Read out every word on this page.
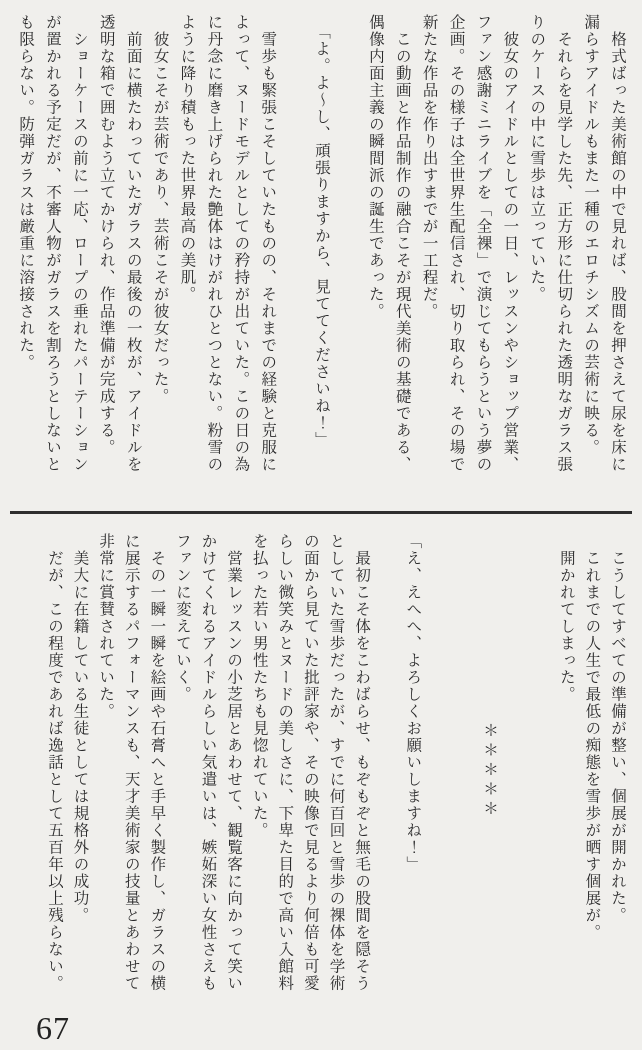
　格式ばった美術館の中で見れば、股間を押さえて尿を床に

漏らすアイドルもまた一種のエロチシズムの芸術に映る。

　それらを見学した先、正方形に仕切られた透明なガラス張

りのケースの中に雪歩は立っていた。

　彼女のアイドルとしての一日、レッスンやショップ営業、

ファン感謝ミニライブを「全裸」で演じてもらうという夢の

企画。その様子は全世界生配信され、切り取られ、その場で

新たな作品を作り出すまでが一工程だ。

　この動画と作品制作の融合こそが現代美術の基礎である、

偶像内面主義の瞬間派の誕生であった。

　「よ。よ〜し、頑張りますから、見ててくださいね！」

　雪歩も緊張こそしていたものの、それまでの経験と克服に

よって、ヌードモデルとしての矜持が出ていた。この日の為

に丹念に磨き上げられた艶体はけがれひとつとない。粉雪の

ように降り積もった世界最高の美肌。

　彼女こそが芸術であり、芸術こそが彼女だった。

　前面に横たわっていたガラスの最後の一枚が、アイドルを

透明な箱で囲むよう立てかけられ、作品準備が完成する。

　ショーケースの前に一応、ロープの垂れたパーテーション

が置かれる予定だが、不審人物がガラスを割ろうとしないと

も限らない。防弾ガラスは厳重に溶接された。

　こうしてすべての準備が整い、個展が開かれた。

　これまでの人生で最低の痴態を雪歩が晒す個展が。

　開かれてしまった。

＊＊＊＊＊

「え、えへへ、よろしくお願いしますね！」

　最初こそ体をこわばらせ、もぞもぞと無毛の股間を隠そう

としていた雪歩だったが、すでに何百回と雪歩の裸体を学術

の面から見ていた批評家や、その映像で見るより何倍も可愛

らしい微笑みとヌードの美しさに、下卑た目的で高い入館料

を払った若い男性たちも見惚れていた。

　営業レッスンの小芝居とあわせて、観覧客に向かって笑い

かけてくれるアイドルらしい気遣いは、嫉妬深い女性さえも

ファンに変えていく。

　その一瞬一瞬を絵画や石膏へと手早く製作し、ガラスの横

に展示するパフォーマンスも、天才美術家の技量とあわせて

非常に賞賛されていた。

　美大に在籍している生徒としては規格外の成功。

　だが、この程度であれば逸話として五百年以上残らない。

67
